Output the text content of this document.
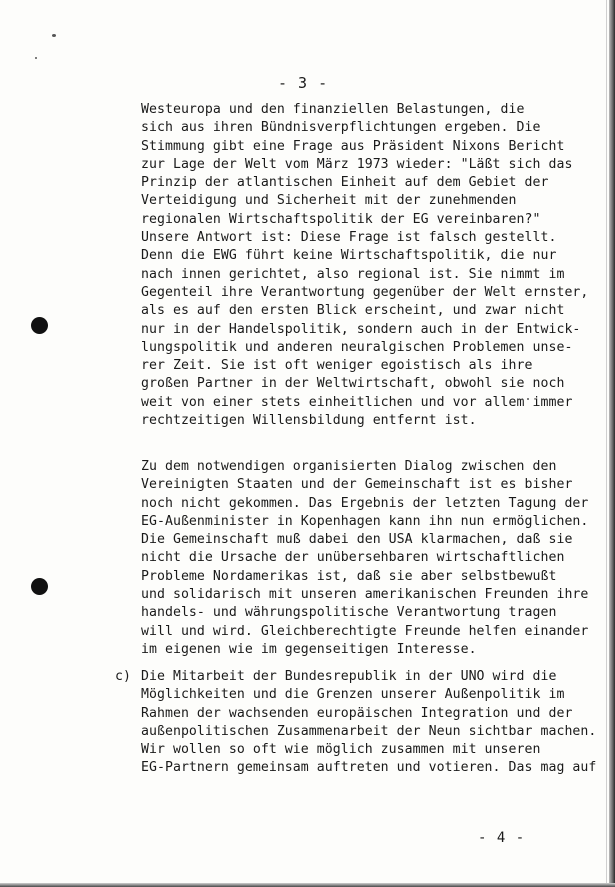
- 3 -
Westeuropa und den finanziellen Belastungen, die
sich aus ihren Bündnisverpflichtungen ergeben. Die
Stimmung gibt eine Frage aus Präsident Nixons Bericht
zur Lage der Welt vom März 1973 wieder: "Läßt sich das
Prinzip der atlantischen Einheit auf dem Gebiet der
Verteidigung und Sicherheit mit der zunehmenden
regionalen Wirtschaftspolitik der EG vereinbaren?"
Unsere Antwort ist: Diese Frage ist falsch gestellt.
Denn die EWG führt keine Wirtschaftspolitik, die nur
nach innen gerichtet, also regional ist. Sie nimmt im
Gegenteil ihre Verantwortung gegenüber der Welt ernster,
als es auf den ersten Blick erscheint, und zwar nicht
nur in der Handelspolitik, sondern auch in der Entwick-
lungspolitik und anderen neuralgischen Problemen unse-
rer Zeit. Sie ist oft weniger egoistisch als ihre
großen Partner in der Weltwirtschaft, obwohl sie noch
weit von einer stets einheitlichen und vor allem immer
rechtzeitigen Willensbildung entfernt ist.
Zu dem notwendigen organisierten Dialog zwischen den
Vereinigten Staaten und der Gemeinschaft ist es bisher
noch nicht gekommen. Das Ergebnis der letzten Tagung der
EG-Außenminister in Kopenhagen kann ihn nun ermöglichen.
Die Gemeinschaft muß dabei den USA klarmachen, daß sie
nicht die Ursache der unübersehbaren wirtschaftlichen
Probleme Nordamerikas ist, daß sie aber selbstbewußt
und solidarisch mit unseren amerikanischen Freunden ihre
handels- und währungspolitische Verantwortung tragen
will und wird. Gleichberechtigte Freunde helfen einander
im eigenen wie im gegenseitigen Interesse.
c) Die Mitarbeit der Bundesrepublik in der UNO wird die
Möglichkeiten und die Grenzen unserer Außenpolitik im
Rahmen der wachsenden europäischen Integration und der
außenpolitischen Zusammenarbeit der Neun sichtbar machen.
Wir wollen so oft wie möglich zusammen mit unseren
EG-Partnern gemeinsam auftreten und votieren. Das mag auf
- 4 -
